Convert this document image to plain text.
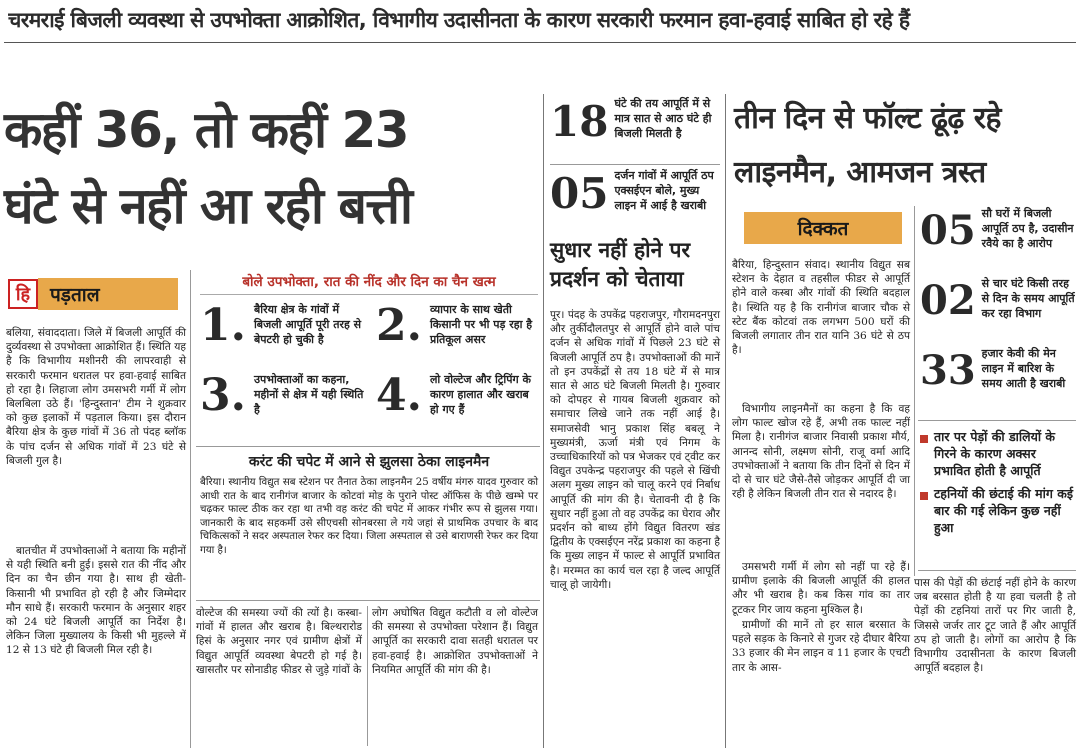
चरमराई बिजली व्यवस्था से उपभोक्ता आक्रोशित, विभागीय उदासीनता के कारण सरकारी फरमान हवा-हवाई साबित हो रहे हैं
कहीं 36, तो कहीं 23
घंटे से नहीं आ रही बत्ती
हि	पड़ताल

बलिया, संवाददाता। जिले में बिजली आपूर्ति की दुर्व्यवस्था से उपभोक्ता आक्रोशित हैं। स्थिति यह है कि विभागीय मशीनरी की लापरवाही से सरकारी फरमान धरातल पर हवा-हवाई साबित हो रहा है। लिहाजा लोग उमसभरी गर्मी में लोग बिलबिला उठे हैं। 'हिन्दुस्तान' टीम ने शुक्रवार को कुछ इलाकों में पड़ताल किया। इस दौरान बैरिया क्षेत्र के कुछ गांवों में 36 तो पंदह ब्लॉक के पांच दर्जन से अधिक गांवों में 23 घंटे से बिजली गुल है।

बातचीत में उपभोक्ताओं ने बताया कि महीनों से यही स्थिति बनी हुई। इससे रात की नींद और दिन का चैन छीन गया है। साथ ही खेती-किसानी भी प्रभावित हो रही है और जिम्मेदार मौन साधे हैं। सरकारी फरमान के अनुसार शहर को 24 घंटे बिजली आपूर्ति का निर्देश है। लेकिन जिला मुख्यालय के किसी भी मुहल्ले में 12 से 13 घंटे ही बिजली मिल रही है।

बोले उपभोक्ता, रात की नींद और दिन का चैन खत्म
1. बैरिया क्षेत्र के गांवों में बिजली आपूर्ति पूरी तरह से बेपटरी हो चुकी है	2. व्यापार के साथ खेती किसानी पर भी पड़ रहा है प्रतिकूल असर
3. उपभोक्ताओं का कहना, महीनों से क्षेत्र में यही स्थिति है	4. लो वोल्टेज और ट्रिपिंग के कारण हालात और खराब हो गए हैं
करंट की चपेट में आने से झुलसा ठेका लाइनमैन

बैरिया। स्थानीय विद्युत सब स्टेशन पर तैनात ठेका लाइनमैन 25 वर्षीय मंगरु यादव गुरुवार को आधी रात के बाद रानीगंज बाजार के कोटवां मोड़ के पुराने पोस्ट ऑफिस के पीछे खम्भे पर चढ़कर फाल्ट ठीक कर रहा था तभी वह करंट की चपेट में आकर गंभीर रूप से झुलस गया। जानकारी के बाद सहकर्मी उसे सीएचसी सोनबरसा ले गये जहां से प्राथमिक उपचार के बाद चिकित्सकों ने सदर अस्पताल रेफर कर दिया। जिला अस्पताल से उसे बाराणसी रेफर कर दिया गया है।

वोल्टेज की समस्या ज्यों की त्यों है। कस्बा-गांवों में हालत और खराब है। बिल्थरारोड हिसं के अनुसार नगर एवं ग्रामीण क्षेत्रों में विद्युत आपूर्ति व्यवस्था बेपटरी हो गई है। खासतौर पर सोनाडीह फीडर से जुड़े गांवों के

लोग अघोषित विद्युत कटौती व लो वोल्टेज की समस्या से उपभोक्ता परेशान हैं। विद्युत आपूर्ति का सरकारी दावा सतही धरातल पर हवा-हवाई है। आक्रोशित उपभोक्ताओं ने नियमित आपूर्ति की मांग की है।

18 घंटे की तय आपूर्ति में से मात्र सात से आठ घंटे ही बिजली मिलती है
05 दर्जन गांवों में आपूर्ति ठप एक्सईएन बोले, मुख्य लाइन में आई है खराबी
सुधार नहीं होने पर प्रदर्शन को चेताया

पूर। पंदह के उपकेंद्र पहराजपुर, गौरामदनपुरा और तुर्कीदौलतपुर से आपूर्ति होने वाले पांच दर्जन से अधिक गांवों में पिछले 23 घंटे से बिजली आपूर्ति ठप है। उपभोक्ताओं की मानें तो इन उपकेंद्रों से तय 18 घंटे में से मात्र सात से आठ घंटे बिजली मिलती है। गुरुवार को दोपहर से गायब बिजली शुक्रवार को समाचार लिखे जाने तक नहीं आई है। समाजसेवी भानु प्रकाश सिंह बबलू ने मुख्यमंत्री, ऊर्जा मंत्री एवं निगम के उच्चाधिकारियों को पत्र भेजकर एवं ट्वीट कर विद्युत उपकेन्द्र पहराजपुर की पहले से खिंची अलग मुख्य लाइन को चालू करने एवं निर्बाध आपूर्ति की मांग की है। चेतावनी दी है कि सुधार नहीं हुआ तो वह उपकेंद्र का घेराव और प्रदर्शन को बाध्य होंगे विद्युत वितरण खंड द्वितीय के एक्सईएन नरेंद्र प्रकाश का कहना है कि मुख्य लाइन में फाल्ट से आपूर्ति प्रभावित है। मरम्मत का कार्य चल रहा है जल्द आपूर्ति चालू हो जायेगी।

तीन दिन से फॉल्ट ढूंढ़ रहे
लाइनमैन, आमजन त्रस्त
दिक्कत

बैरिया, हिन्दुस्तान संवाद। स्थानीय विद्युत सब स्टेशन के देहात व तहसील फीडर से आपूर्ति होने वाले कस्बा और गांवों की स्थिति बदहाल है। स्थिति यह है कि रानीगंज बाजार चौक से स्टेट बैंक कोटवां तक लगभग 500 घरों की बिजली लगातार तीन रात यानि 36 घंटे से ठप है।

विभागीय लाइनमैनों का कहना है कि वह लोग फाल्ट खोज रहे हैं, अभी तक फाल्ट नहीं मिला है। रानीगंज बाजार निवासी प्रकाश मौर्य, आनन्द सोनी, लक्ष्मण सोनी, राजू वर्मा आदि उपभोक्ताओं ने बताया कि तीन दिनों से दिन में दो से चार घंटे जैसे-तैसे जोड़कर आपूर्ति दी जा रही है लेकिन बिजली तीन रात से नदारद है।

उमसभरी गर्मी में लोग सो नहीं पा रहे हैं। ग्रामीण इलाके की बिजली आपूर्ति की हालत और भी खराब है। कब किस गांव का तार टूटकर गिर जाय कहना मुश्किल है।

ग्रामीणों की मानें तो हर साल बरसात के पहले सड़क के किनारे से गुजर रहे दीघार बैरिया 33 हजार की मेन लाइन व 11 हजार के एचटी तार के आस-

05 सौ घरों में बिजली आपूर्ति ठप है, उदासीन रवैये का है आरोप
02 से चार घंटे किसी तरह से दिन के समय आपूर्ति कर रहा विभाग
33 हजार केवी की मेन लाइन में बारिश के समय आती है खराबी
तार पर पेड़ों की डालियों के गिरने के कारण अक्सर प्रभावित होती है आपूर्ति
टहनियों की छंटाई की मांग कई बार की गई लेकिन कुछ नहीं हुआ

पास की पेड़ों की छंटाई नहीं होने के कारण जब बरसात होती है या हवा चलती है तो पेड़ों की टहनियां तारों पर गिर जाती है, जिससे जर्जर तार टूट जाते हैं और आपूर्ति ठप हो जाती है। लोगों का आरोप है कि विभागीय उदासीनता के कारण बिजली आपूर्ति बदहाल है।
